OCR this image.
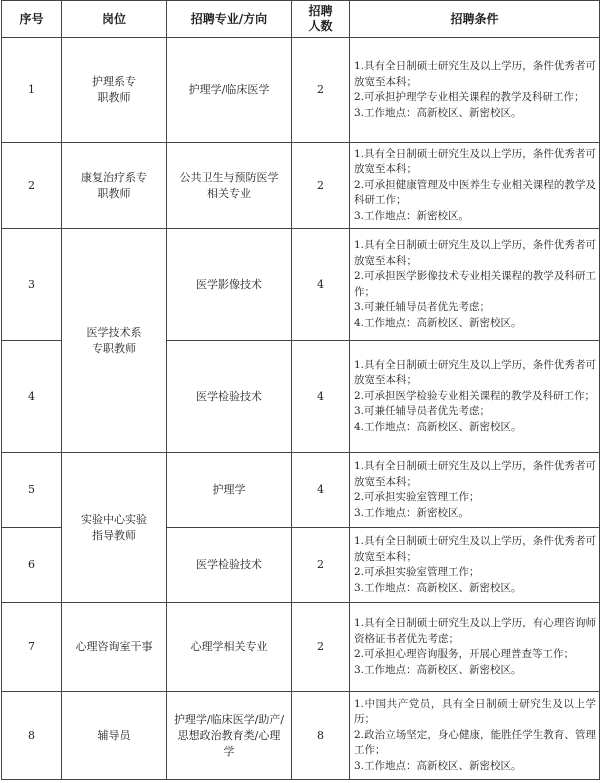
序号	岗位	招聘专业/方向	招聘人数	招聘条件
1	护理系专职教师	护理学/临床医学	2	1.具有全日制硕士研究生及以上学历，条件优秀者可放宽至本科；
2.可承担护理学专业相关课程的教学及科研工作；
3.工作地点：高新校区、新密校区。

2	康复治疗系专职教师	公共卫生与预防医学相关专业	2	1.具有全日制硕士研究生及以上学历，条件优秀者可放宽至本科；
2.可承担健康管理及中医养生专业相关课程的教学及科研工作；
3.工作地点：新密校区。

3	医学技术系专职教师	医学影像技术	4	1.具有全日制硕士研究生及以上学历，条件优秀者可放宽至本科；
2.可承担医学影像技术专业相关课程的教学及科研工作；
3.可兼任辅导员者优先考虑；
4.工作地点：高新校区、新密校区。

4		医学检验技术	4	1.具有全日制硕士研究生及以上学历，条件优秀者可放宽至本科；
2.可承担医学检验专业相关课程的教学及科研工作；
3.可兼任辅导员者优先考虑；
4.工作地点：高新校区、新密校区。

5	实验中心实验指导教师	护理学	4	1.具有全日制硕士研究生及以上学历，条件优秀者可放宽至本科；
2.可承担实验室管理工作；
3.工作地点：新密校区。

6		医学检验技术	2	1.具有全日制硕士研究生及以上学历，条件优秀者可放宽至本科；
2.可承担实验室管理工作；
3.工作地点：高新校区、新密校区。

7	心理咨询室干事	心理学相关专业	2	1.具有全日制硕士研究生及以上学历，有心理咨询师资格证书者优先考虑；
2.可承担心理咨询服务，开展心理普查等工作；
3.工作地点：高新校区、新密校区。

8	辅导员	护理学/临床医学/助产/思想政治教育类/心理学	8	1.中国共产党员，具有全日制硕士研究生及以上学历；
2.政治立场坚定，身心健康，能胜任学生教育、管理工作；
3.工作地点：高新校区、新密校区。
